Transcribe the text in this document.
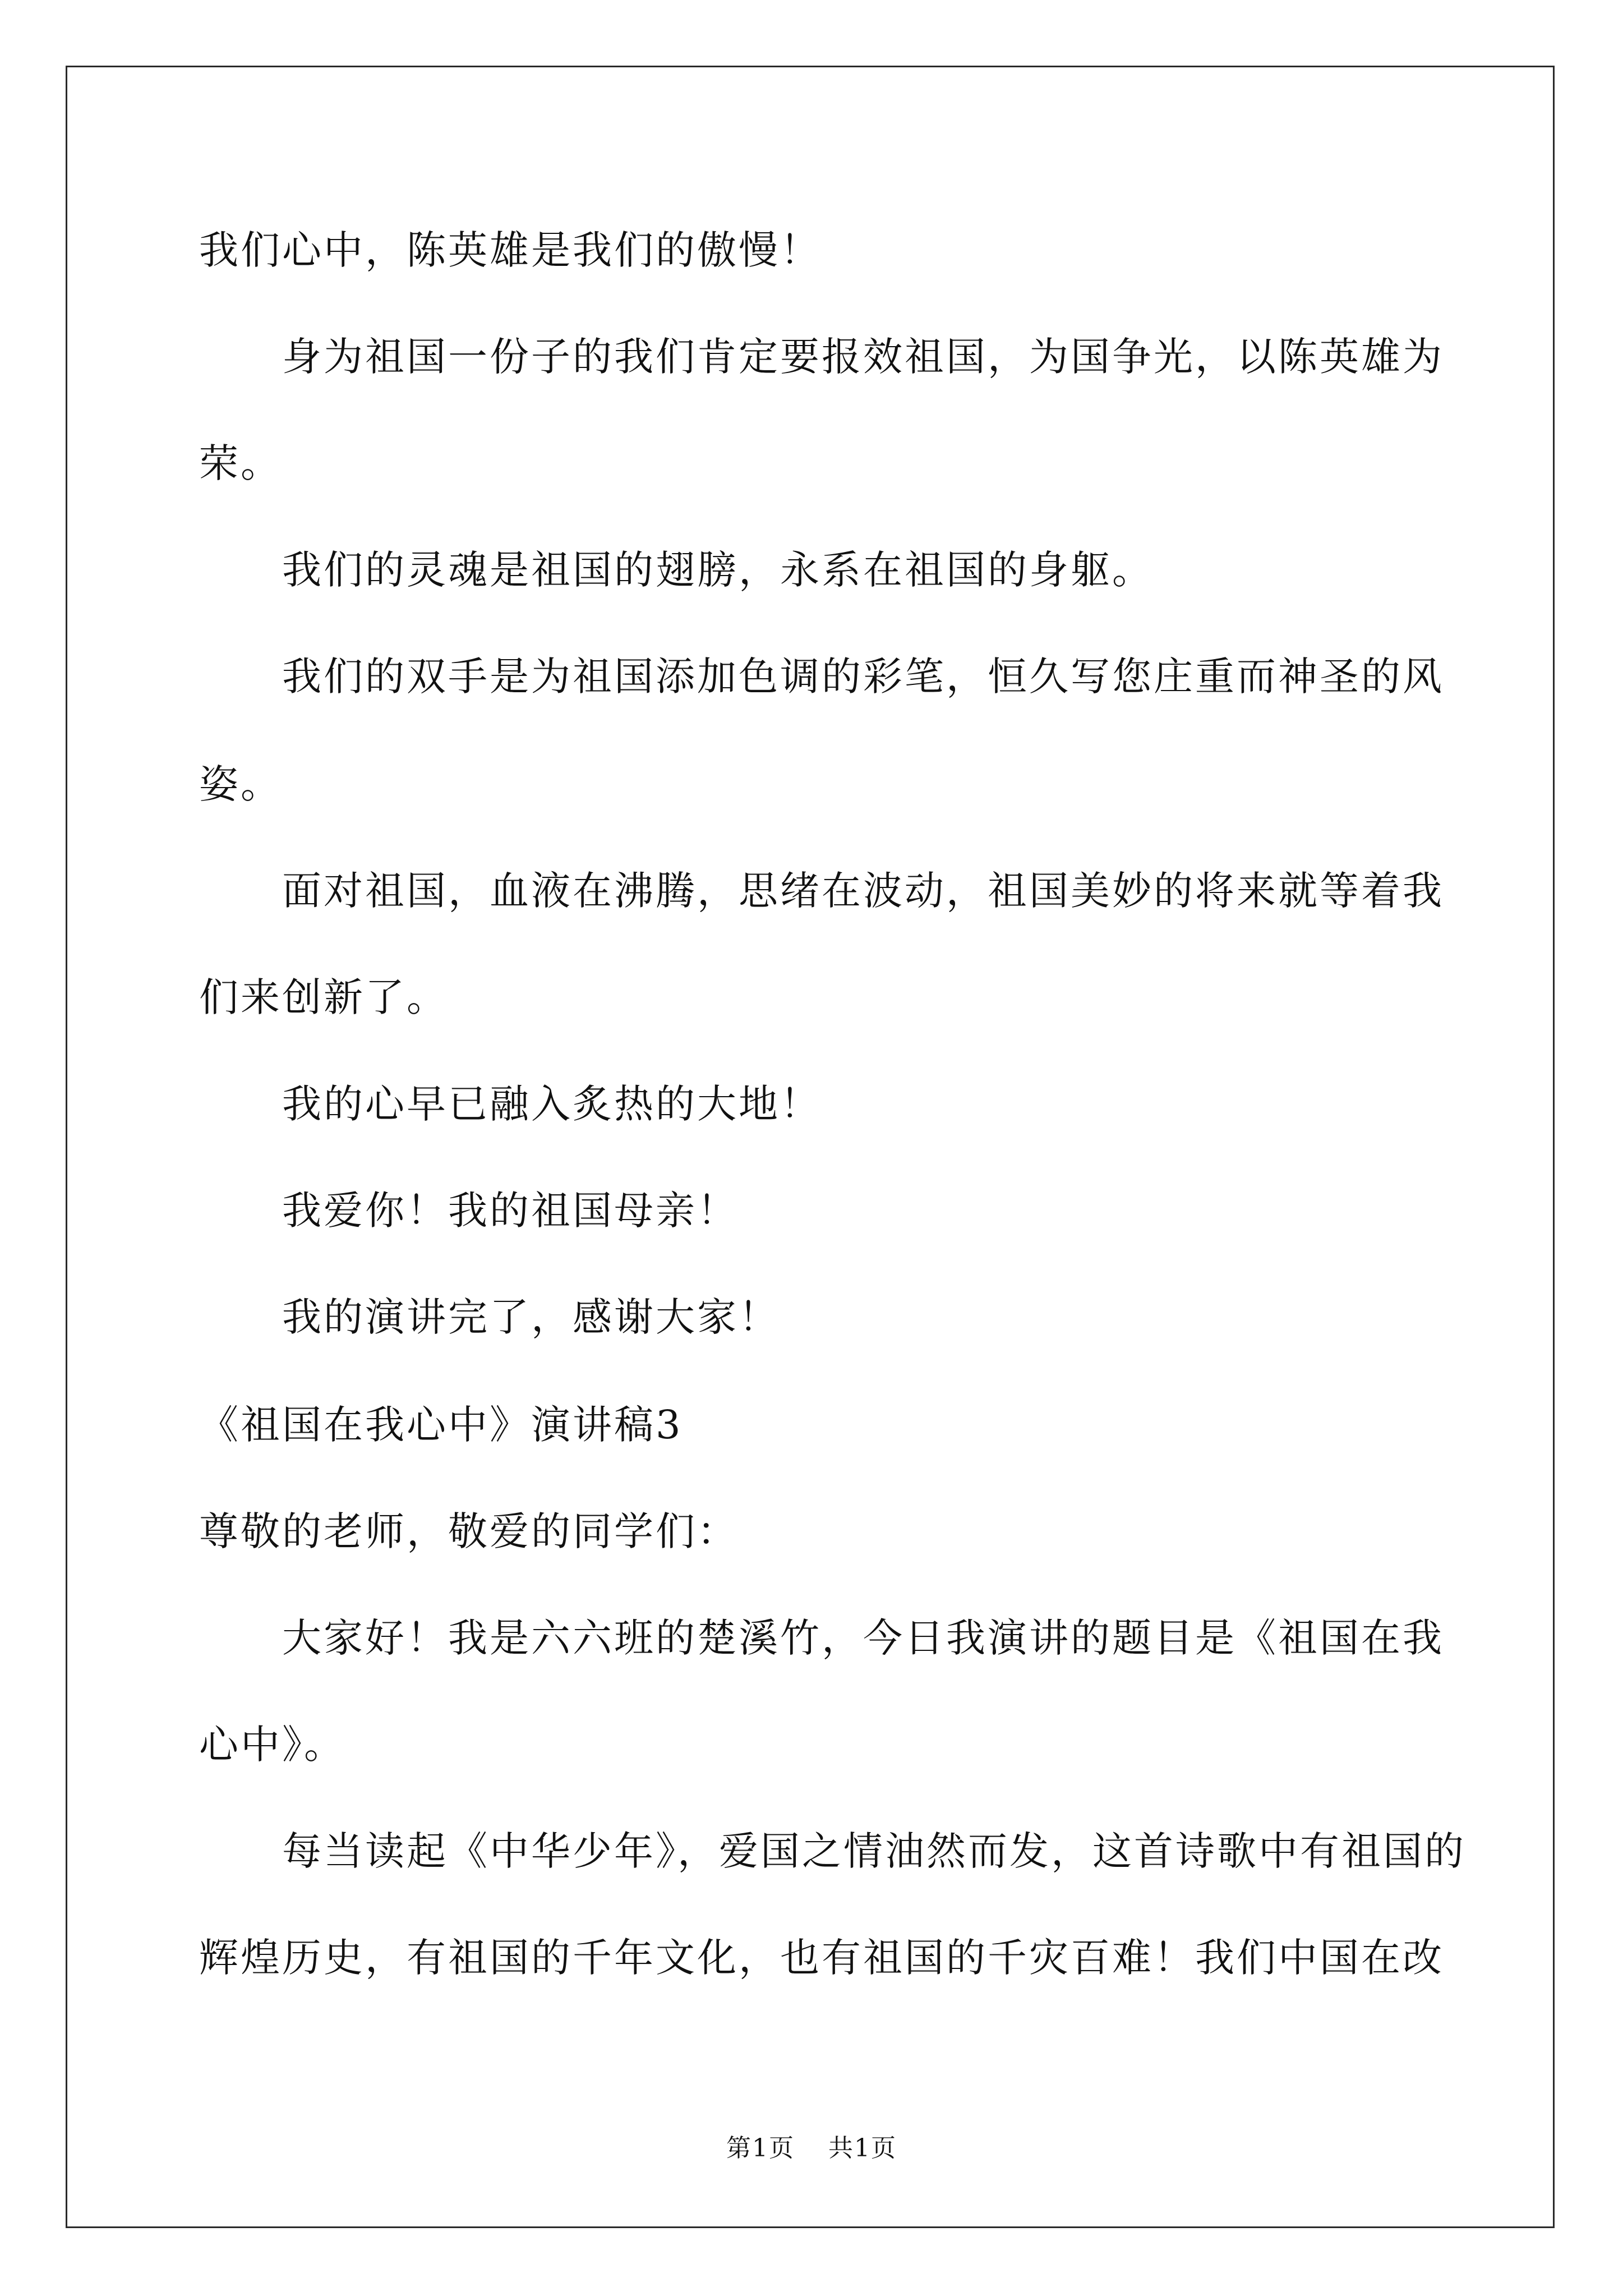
我们心中，陈英雄是我们的傲慢！

身为祖国一份子的我们肯定要报效祖国，为国争光，以陈英雄为

荣。

我们的灵魂是祖国的翅膀，永系在祖国的身躯。

我们的双手是为祖国添加色调的彩笔，恒久写您庄重而神圣的风

姿。

面对祖国，血液在沸腾，思绪在波动，祖国美妙的将来就等着我

们来创新了。

我的心早已融入炙热的大地！

我爱你！我的祖国母亲！

我的演讲完了，感谢大家！

《祖国在我心中》演讲稿3

尊敬的老师，敬爱的同学们：

大家好！我是六六班的楚溪竹，今日我演讲的题目是《祖国在我

心中》。

每当读起《中华少年》，爱国之情油然而发，这首诗歌中有祖国的

辉煌历史，有祖国的千年文化，也有祖国的千灾百难！我们中国在改

第1页 共1页
